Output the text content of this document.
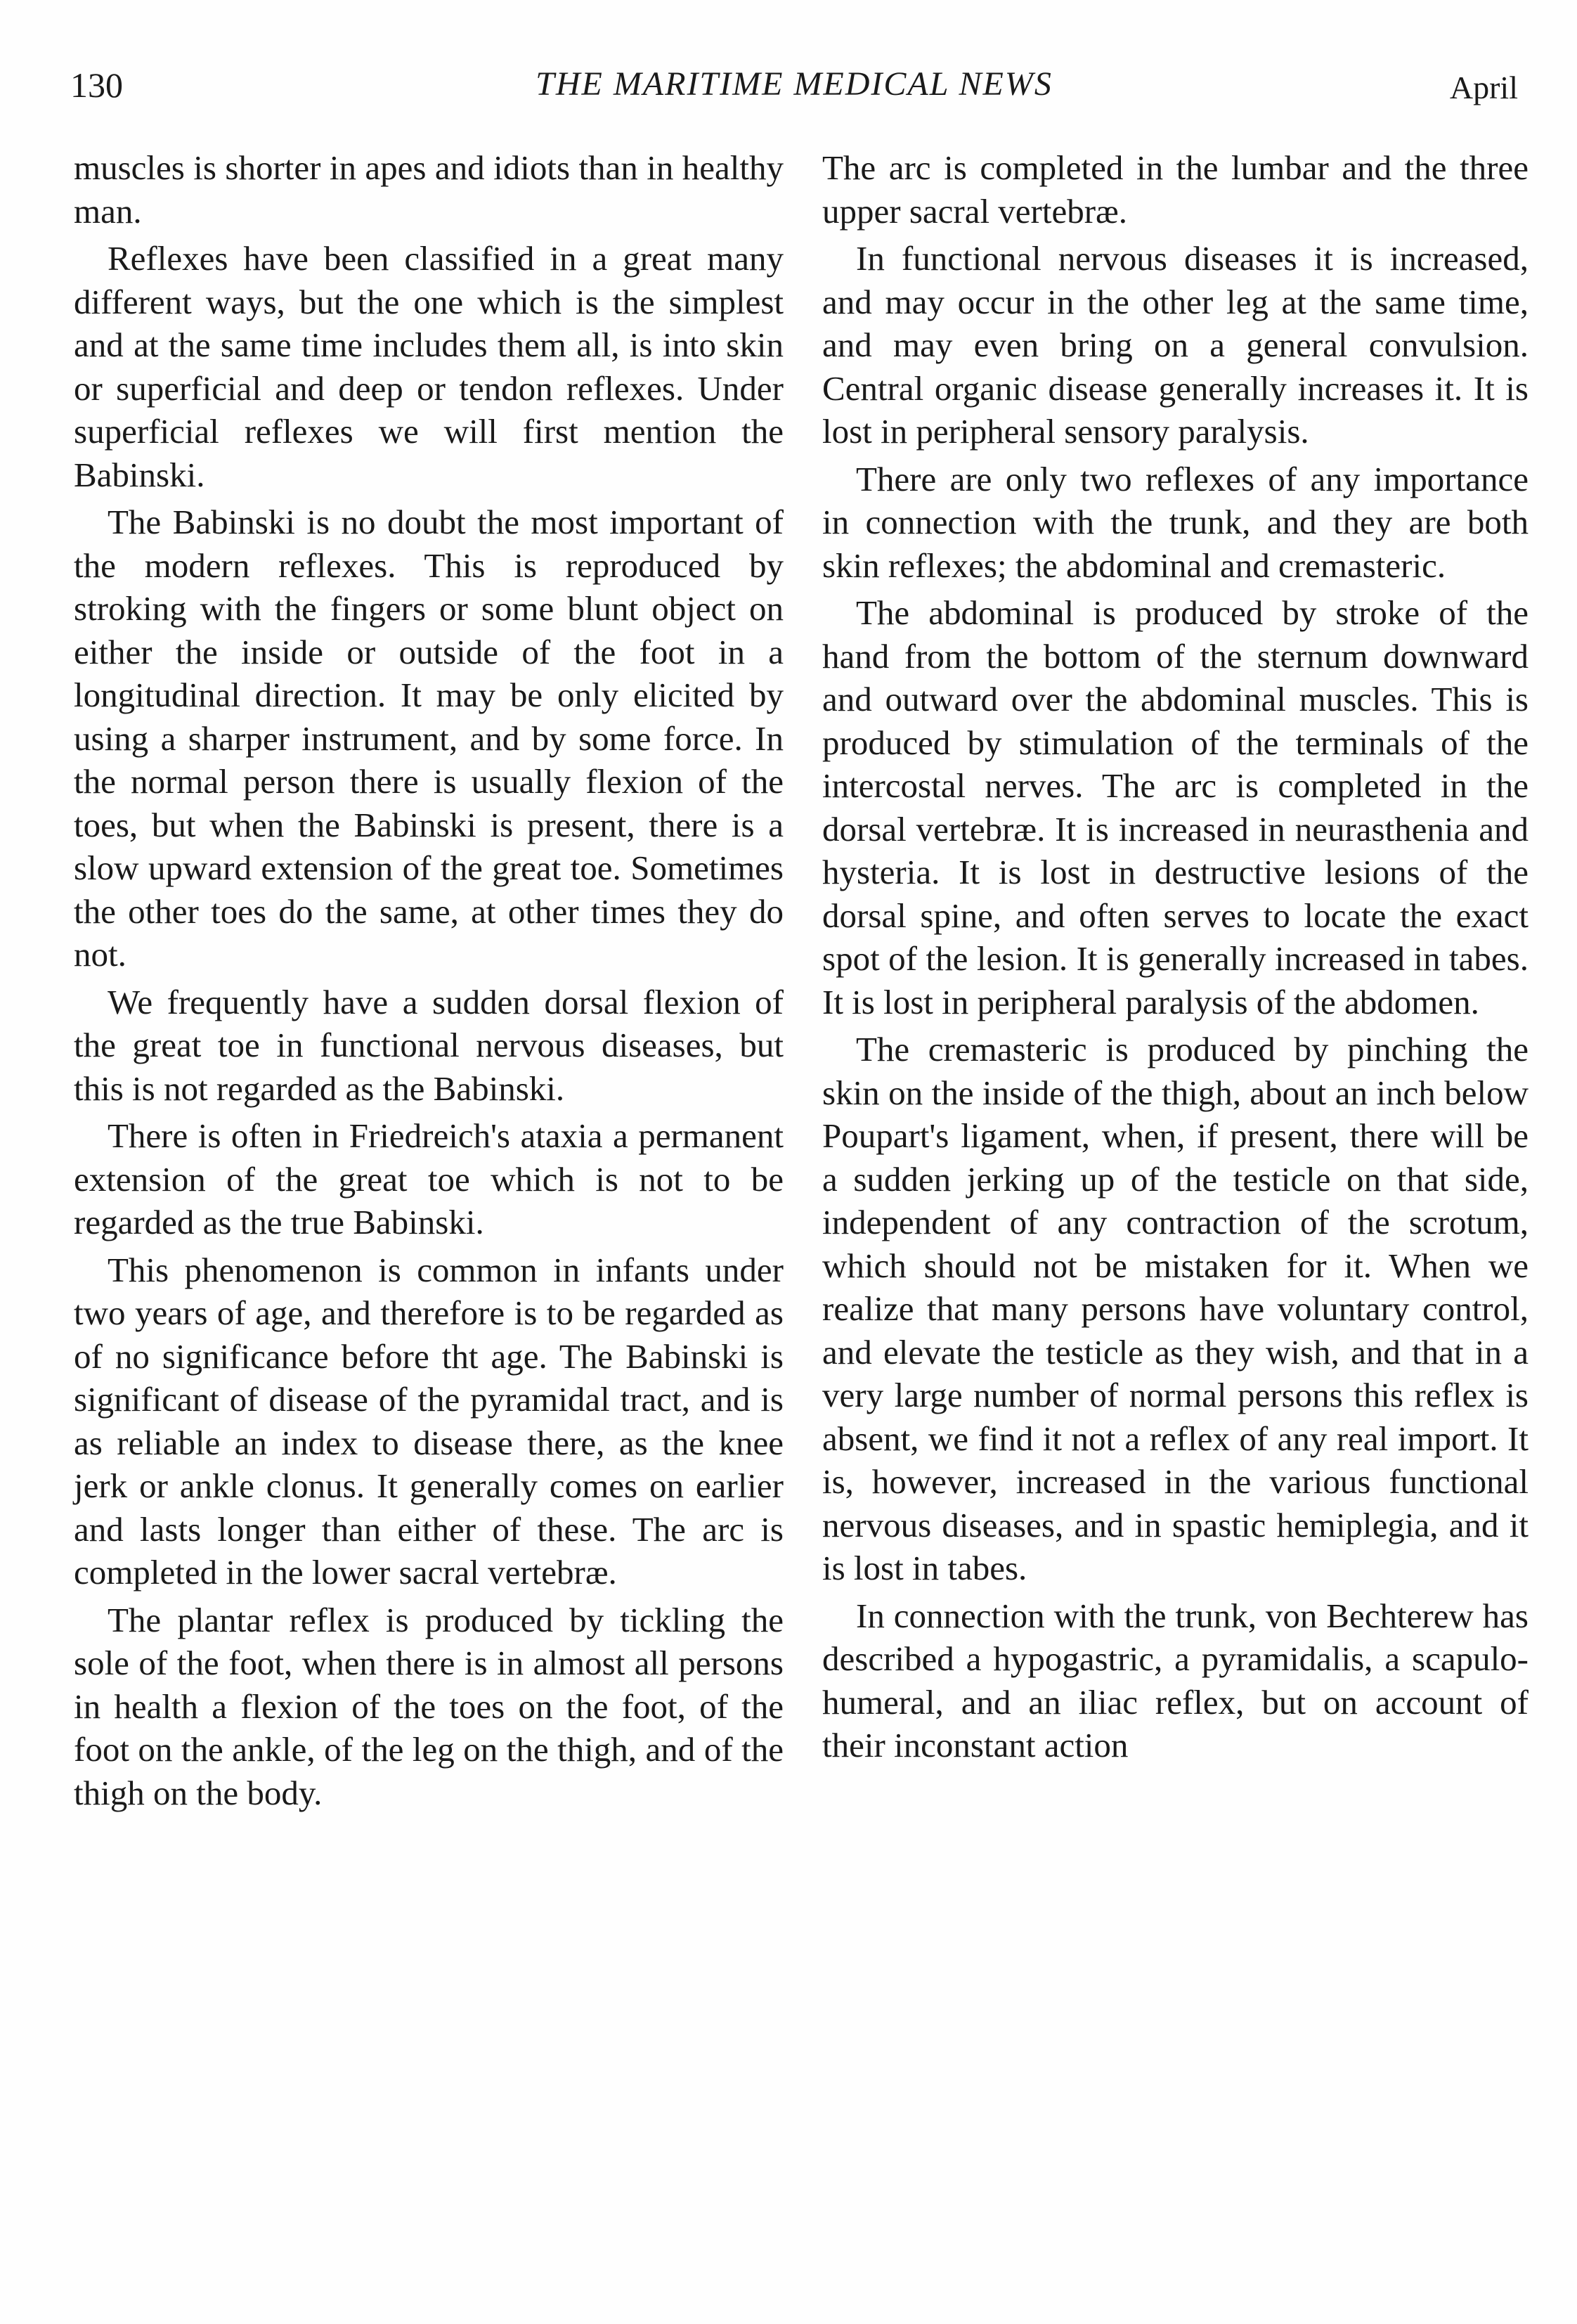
130	THE MARITIME MEDICAL NEWS	April

muscles is shorter in apes and idiots than in healthy man.

Reflexes have been classified in a great many different ways, but the one which is the simplest and at the same time includes them all, is into skin or superficial and deep or tendon reflexes. Under superficial reflexes we will first mention the Babinski.

The Babinski is no doubt the most important of the modern reflexes. This is reproduced by stroking with the fingers or some blunt object on either the inside or outside of the foot in a longitudinal direction. It may be only elicited by using a sharper instrument, and by some force. In the normal person there is usually flexion of the toes, but when the Babinski is present, there is a slow upward extension of the great toe. Sometimes the other toes do the same, at other times they do not.

We frequently have a sudden dorsal flexion of the great toe in functional nervous diseases, but this is not regarded as the Babinski.

There is often in Friedreich's ataxia a permanent extension of the great toe which is not to be regarded as the true Babinski.

This phenomenon is common in infants under two years of age, and therefore is to be regarded as of no significance before tht age. The Babinski is significant of disease of the pyramidal tract, and is as reliable an index to disease there, as the knee jerk or ankle clonus. It generally comes on earlier and lasts longer than either of these. The arc is completed in the lower sacral vertebræ.

The plantar reflex is produced by tickling the sole of the foot, when there is in almost all persons in health a flexion of the toes on the foot, of the foot on the ankle, of the leg on the thigh, and of the thigh on the body.

The arc is completed in the lumbar and the three upper sacral vertebræ.

In functional nervous diseases it is increased, and may occur in the other leg at the same time, and may even bring on a general convulsion. Central organic disease generally increases it. It is lost in peripheral sensory paralysis.

There are only two reflexes of any importance in connection with the trunk, and they are both skin reflexes; the abdominal and cremasteric.

The abdominal is produced by stroke of the hand from the bottom of the sternum downward and outward over the abdominal muscles. This is produced by stimulation of the terminals of the intercostal nerves. The arc is completed in the dorsal vertebræ. It is increased in neurasthenia and hysteria. It is lost in destructive lesions of the dorsal spine, and often serves to locate the exact spot of the lesion. It is generally increased in tabes. It is lost in peripheral paralysis of the abdomen.

The cremasteric is produced by pinching the skin on the inside of the thigh, about an inch below Poupart's ligament, when, if present, there will be a sudden jerking up of the testicle on that side, independent of any contraction of the scrotum, which should not be mistaken for it. When we realize that many persons have voluntary control, and elevate the testicle as they wish, and that in a very large number of normal persons this reflex is absent, we find it not a reflex of any real import. It is, however, increased in the various functional nervous diseases, and in spastic hemiplegia, and it is lost in tabes.

In connection with the trunk, von Bechterew has described a hypogastric, a pyramidalis, a scapulo-humeral, and an iliac reflex, but on account of their inconstant action
